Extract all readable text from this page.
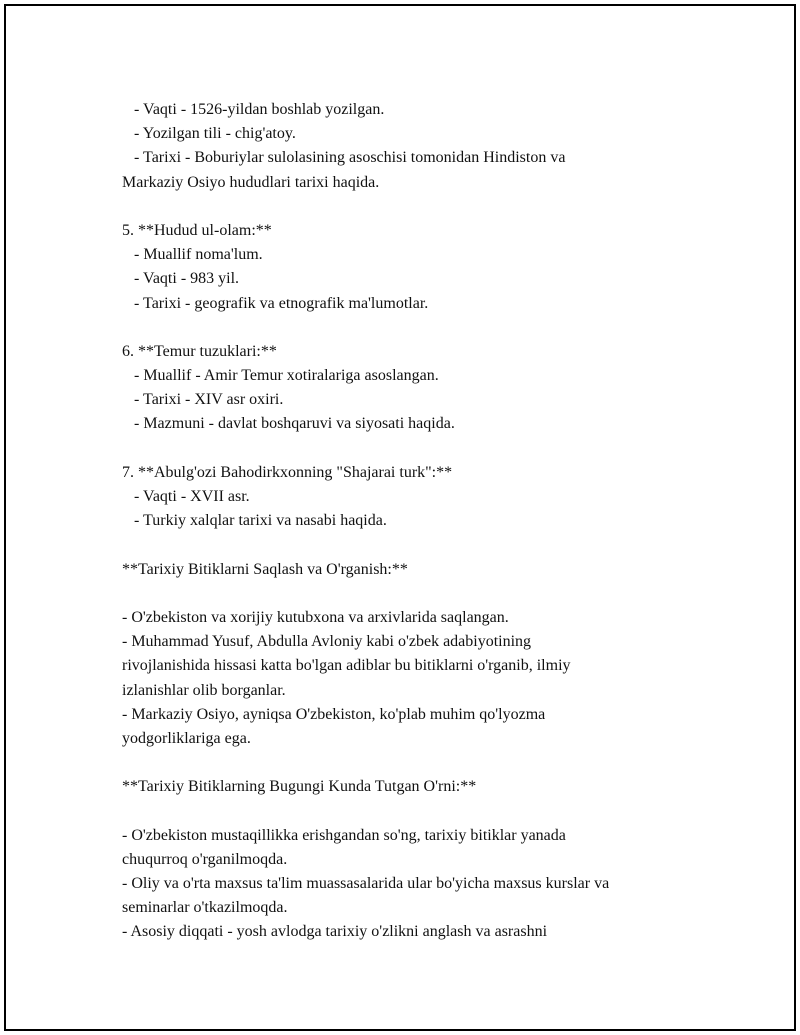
- Vaqti - 1526-yildan boshlab yozilgan.
- Yozilgan tili - chig'atoy.
- Tarixi - Boburiylar sulolasining asoschisi tomonidan Hindiston va
Markaziy Osiyo hududlari tarixi haqida.
5. **Hudud ul-olam:**
- Muallif noma'lum.
- Vaqti - 983 yil.
- Tarixi - geografik va etnografik ma'lumotlar.
6. **Temur tuzuklari:**
- Muallif - Amir Temur xotiralariga asoslangan.
- Tarixi - XIV asr oxiri.
- Mazmuni - davlat boshqaruvi va siyosati haqida.
7. **Abulg'ozi Bahodirkxonning "Shajarai turk":**
- Vaqti - XVII asr.
- Turkiy xalqlar tarixi va nasabi haqida.
**Tarixiy Bitiklarni Saqlash va O'rganish:**
- O'zbekiston va xorijiy kutubxona va arxivlarida saqlangan.
- Muhammad Yusuf, Abdulla Avloniy kabi o'zbek adabiyotining
rivojlanishida hissasi katta bo'lgan adiblar bu bitiklarni o'rganib, ilmiy
izlanishlar olib borganlar.
- Markaziy Osiyo, ayniqsa O'zbekiston, ko'plab muhim qo'lyozma
yodgorliklariga ega.
**Tarixiy Bitiklarning Bugungi Kunda Tutgan O'rni:**
- O'zbekiston mustaqillikka erishgandan so'ng, tarixiy bitiklar yanada
chuqurroq o'rganilmoqda.
- Oliy va o'rta maxsus ta'lim muassasalarida ular bo'yicha maxsus kurslar va
seminarlar o'tkazilmoqda.
- Asosiy diqqati - yosh avlodga tarixiy o'zlikni anglash va asrashni
